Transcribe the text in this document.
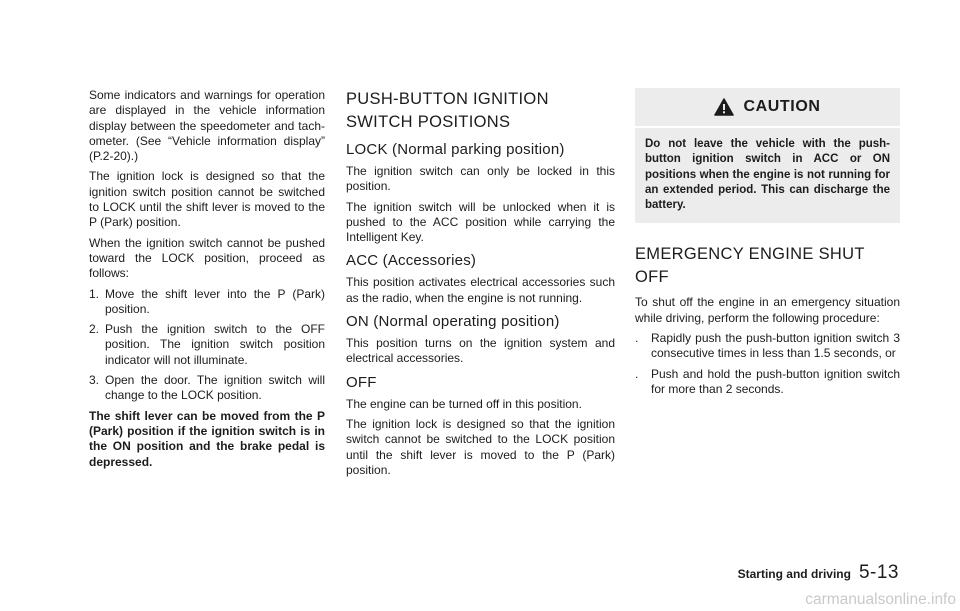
Some indicators and warnings for operation are displayed in the vehicle information display between the speedometer and tachometer. (See “Vehicle information display” (P.2-20).)

The ignition lock is designed so that the ignition switch position cannot be switched to LOCK until the shift lever is moved to the P (Park) position.

When the ignition switch cannot be pushed toward the LOCK position, proceed as follows:

1. Move the shift lever into the P (Park) position.
2. Push the ignition switch to the OFF position. The ignition switch position indicator will not illuminate.
3. Open the door. The ignition switch will change to the LOCK position.

The shift lever can be moved from the P (Park) position if the ignition switch is in the ON position and the brake pedal is depressed.

PUSH-BUTTON IGNITION SWITCH POSITIONS
LOCK (Normal parking position)

The ignition switch can only be locked in this position.

The ignition switch will be unlocked when it is pushed to the ACC position while carrying the Intelligent Key.

ACC (Accessories)

This position activates electrical accessories such as the radio, when the engine is not running.

ON (Normal operating position)

This position turns on the ignition system and electrical accessories.

OFF

The engine can be turned off in this position.

The ignition lock is designed so that the ignition switch cannot be switched to the LOCK position until the shift lever is moved to the P (Park) position.

CAUTION
Do not leave the vehicle with the push-button ignition switch in ACC or ON positions when the engine is not running for an extended period. This can discharge the battery.
EMERGENCY ENGINE SHUT OFF

To shut off the engine in an emergency situation while driving, perform the following procedure:

.	Rapidly push the push-button ignition switch 3 consecutive times in less than 1.5 seconds, or
.	Push and hold the push-button ignition switch for more than 2 seconds.
Starting and driving 5-13
carmanualsonline.info
